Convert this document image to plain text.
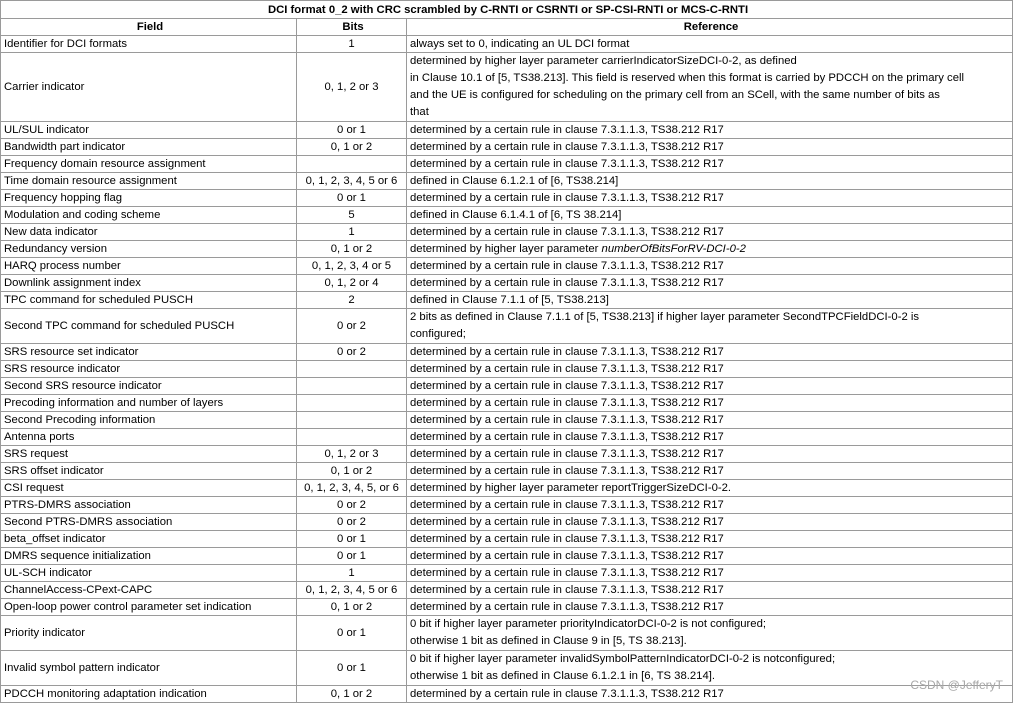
DCI format 0_2 with CRC scrambled by C-RNTI or CSRNTI or SP-CSI-RNTI or MCS-C-RNTI		
Field	Bits	Reference
Identifier for DCI formats	1	always set to 0, indicating an UL DCI format
Carrier indicator	0, 1, 2 or 3	determined by higher layer parameter carrierIndicatorSizeDCI-0-2, as defined
in Clause 10.1 of [5, TS38.213]. This field is reserved when this format is carried by PDCCH on the primary cell
and the UE is configured for scheduling on the primary cell from an SCell, with the same number of bits as
that

UL/SUL indicator	0 or 1	determined by a certain rule in clause 7.3.1.1.3, TS38.212 R17
Bandwidth part indicator	0, 1 or 2	determined by a certain rule in clause 7.3.1.1.3, TS38.212 R17
Frequency domain resource assignment		determined by a certain rule in clause 7.3.1.1.3, TS38.212 R17
Time domain resource assignment	0, 1, 2, 3, 4, 5 or 6	defined in Clause 6.1.2.1 of [6, TS38.214]
Frequency hopping flag	0 or 1	determined by a certain rule in clause 7.3.1.1.3, TS38.212 R17
Modulation and coding scheme	5	defined in Clause 6.1.4.1 of [6, TS 38.214]
New data indicator	1	determined by a certain rule in clause 7.3.1.1.3, TS38.212 R17
Redundancy version	0, 1 or 2	determined by higher layer parameter numberOfBitsForRV-DCI-0-2
HARQ process number	0, 1, 2, 3, 4 or 5	determined by a certain rule in clause 7.3.1.1.3, TS38.212 R17
Downlink assignment index	0, 1, 2 or 4	determined by a certain rule in clause 7.3.1.1.3, TS38.212 R17
TPC command for scheduled PUSCH	2	defined in Clause 7.1.1 of [5, TS38.213]
Second TPC command for scheduled PUSCH	0 or 2	2 bits as defined in Clause 7.1.1 of [5, TS38.213] if higher layer parameter SecondTPCFieldDCI-0-2 is
configured;

SRS resource set indicator	0 or 2	determined by a certain rule in clause 7.3.1.1.3, TS38.212 R17
SRS resource indicator		determined by a certain rule in clause 7.3.1.1.3, TS38.212 R17
Second SRS resource indicator		determined by a certain rule in clause 7.3.1.1.3, TS38.212 R17
Precoding information and number of layers		determined by a certain rule in clause 7.3.1.1.3, TS38.212 R17
Second Precoding information		determined by a certain rule in clause 7.3.1.1.3, TS38.212 R17
Antenna ports		determined by a certain rule in clause 7.3.1.1.3, TS38.212 R17
SRS request	0, 1, 2 or 3	determined by a certain rule in clause 7.3.1.1.3, TS38.212 R17
SRS offset indicator	0, 1 or 2	determined by a certain rule in clause 7.3.1.1.3, TS38.212 R17
CSI request	0, 1, 2, 3, 4, 5, or 6	determined by higher layer parameter reportTriggerSizeDCI-0-2.
PTRS-DMRS association	0 or 2	determined by a certain rule in clause 7.3.1.1.3, TS38.212 R17
Second PTRS-DMRS association	0 or 2	determined by a certain rule in clause 7.3.1.1.3, TS38.212 R17
beta_offset indicator	0 or 1	determined by a certain rule in clause 7.3.1.1.3, TS38.212 R17
DMRS sequence initialization	0 or 1	determined by a certain rule in clause 7.3.1.1.3, TS38.212 R17
UL-SCH indicator	1	determined by a certain rule in clause 7.3.1.1.3, TS38.212 R17
ChannelAccess-CPext-CAPC	0, 1, 2, 3, 4, 5 or 6	determined by a certain rule in clause 7.3.1.1.3, TS38.212 R17
Open-loop power control parameter set indication	0, 1 or 2	determined by a certain rule in clause 7.3.1.1.3, TS38.212 R17
Priority indicator	0 or 1	0 bit if higher layer parameter priorityIndicatorDCI-0-2 is not configured;
otherwise 1 bit as defined in Clause 9 in [5, TS 38.213].

Invalid symbol pattern indicator	0 or 1	0 bit if higher layer parameter invalidSymbolPatternIndicatorDCI-0-2 is notconfigured;
otherwise 1 bit as defined in Clause 6.1.2.1 in [6, TS 38.214].

PDCCH monitoring adaptation indication	0, 1 or 2	determined by a certain rule in clause 7.3.1.1.3, TS38.212 R17
CSDN @JefferyT
